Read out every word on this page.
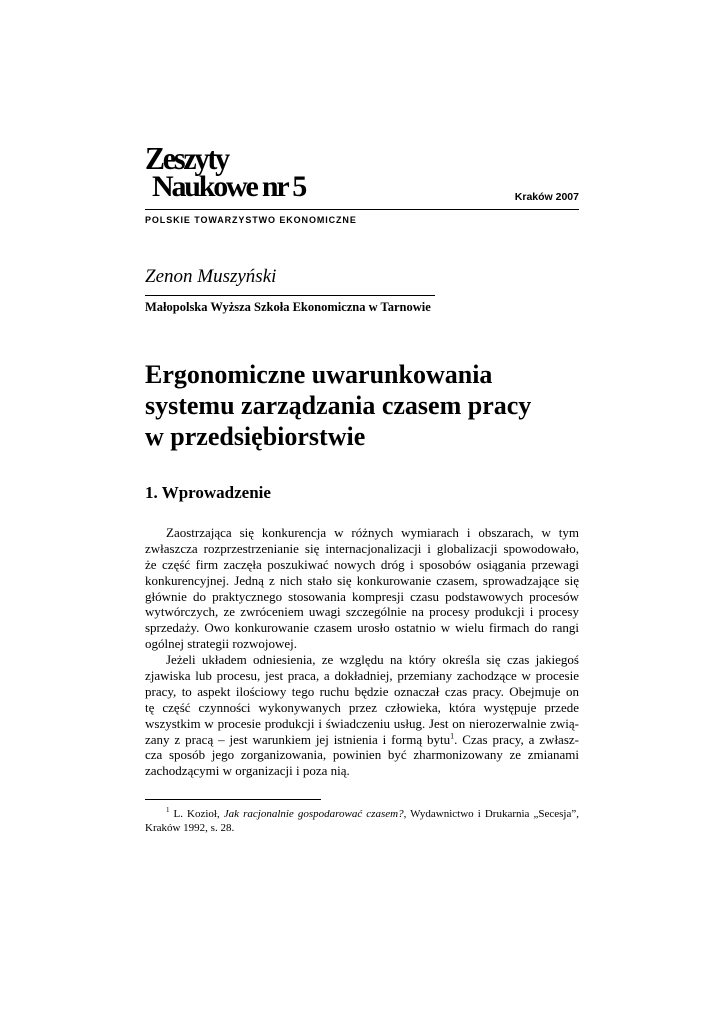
Zeszyty
Naukowe nr 5	Kraków 2007
POLSKIE TOWARZYSTWO EKONOMICZNE
Zenon Muszyński
Małopolska Wyższa Szkoła Ekonomiczna w Tarnowie
Ergonomiczne uwarunkowania
systemu zarządzania czasem pracy
w przedsiębiorstwie
1. Wprowadzenie
Zaostrzająca się konkurencja w różnych wymiarach i obszarach, w tym
zwłaszcza rozprzestrzenianie się internacjonalizacji i globalizacji spowodowało,
że część firm zaczęła poszukiwać nowych dróg i sposobów osiągania przewagi
konkurencyjnej. Jedną z nich stało się konkurowanie czasem, sprowadzające się
głównie do praktycznego stosowania kompresji czasu podstawowych procesów
wytwórczych, ze zwróceniem uwagi szczególnie na procesy produkcji i procesy
sprzedaży. Owo konkurowanie czasem urosło ostatnio w wielu firmach do rangi
ogólnej strategii rozwojowej.
Jeżeli układem odniesienia, ze względu na który określa się czas jakiegoś
zjawiska lub procesu, jest praca, a dokładniej, przemiany zachodzące w procesie
pracy, to aspekt ilościowy tego ruchu będzie oznaczał czas pracy. Obejmuje on
tę część czynności wykonywanych przez człowieka, która występuje przede
wszystkim w procesie produkcji i świadczeniu usług. Jest on nierozerwalnie zwią-
zany z pracą – jest warunkiem jej istnienia i formą bytu$^1$. Czas pracy, a zwłasz-
cza sposób jego zorganizowania, powinien być zharmonizowany ze zmianami
zachodzącymi w organizacji i poza nią.
$^1$ L. Kozioł, Jak racjonalnie gospodarować czasem?, Wydawnictwo i Drukarnia „Secesja”,
Kraków 1992, s. 28.
